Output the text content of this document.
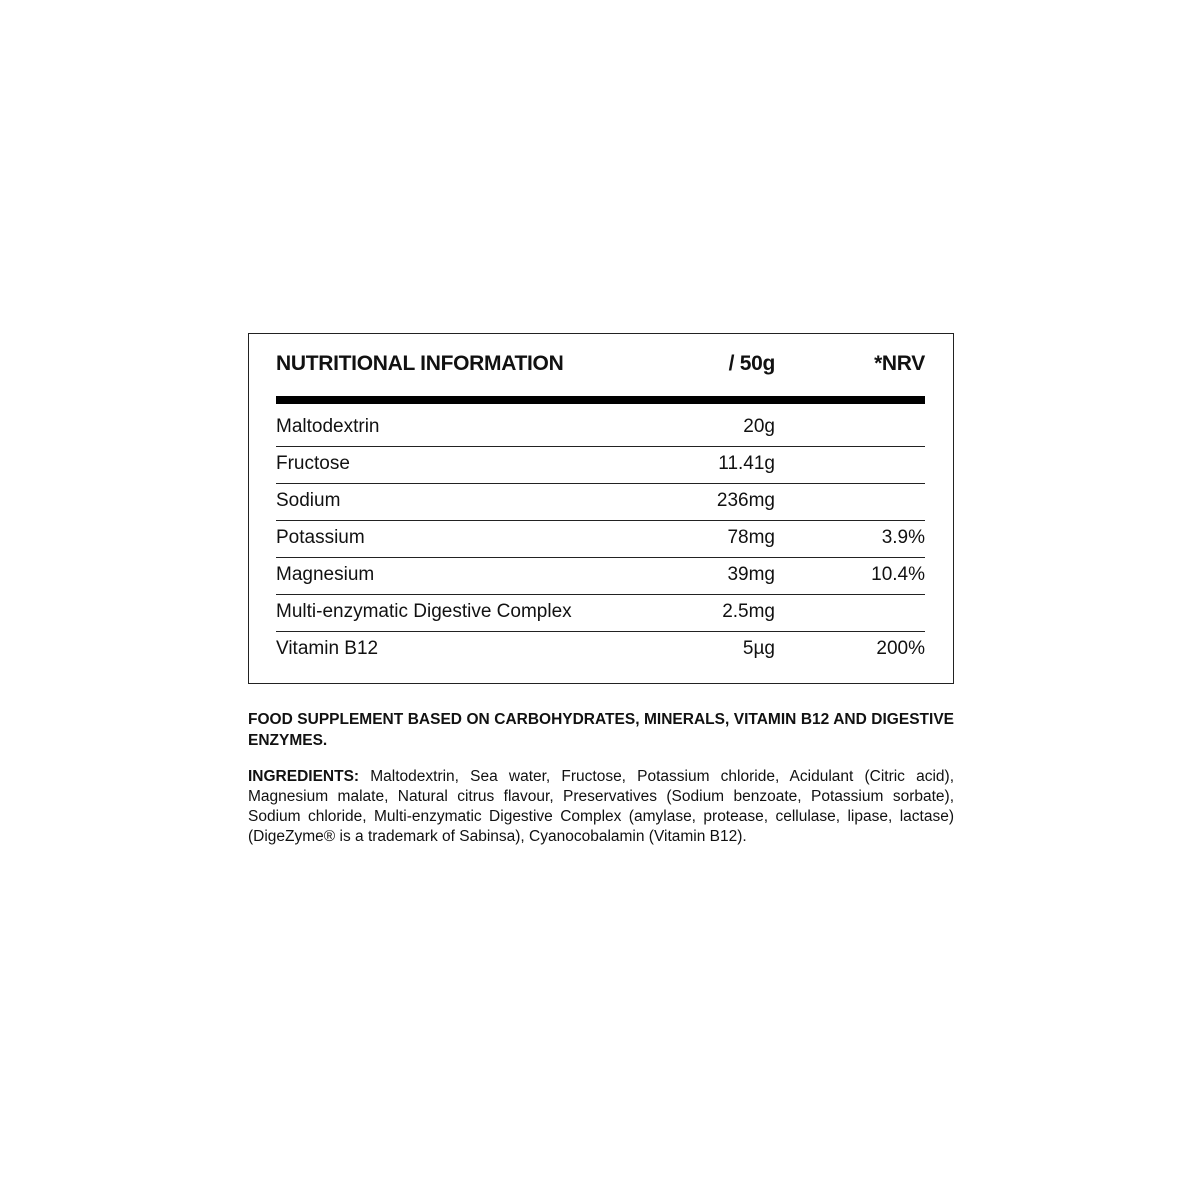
NUTRITIONAL INFORMATION	/ 50g	*NRV
Maltodextrin	20g
Fructose	11.41g
Sodium	236mg
Potassium	78mg	3.9%
Magnesium	39mg	10.4%
Multi-enzymatic Digestive Complex	2.5mg
Vitamin B12	5µg	200%
FOOD SUPPLEMENT BASED ON CARBOHYDRATES, MINERALS, VITAMIN B12 AND DIGESTIVE ENZYMES.
INGREDIENTS: Maltodextrin, Sea water, Fructose, Potassium chloride, Acidulant (Citric acid), Magnesium malate, Natural citrus flavour, Preservatives (Sodium benzoate, Potassium sorbate), Sodium chloride, Multi-enzymatic Digestive Complex (amylase, protease, cellulase, lipase, lactase) (DigeZyme® is a trademark of Sabinsa), Cyanocobalamin (Vitamin B12).
